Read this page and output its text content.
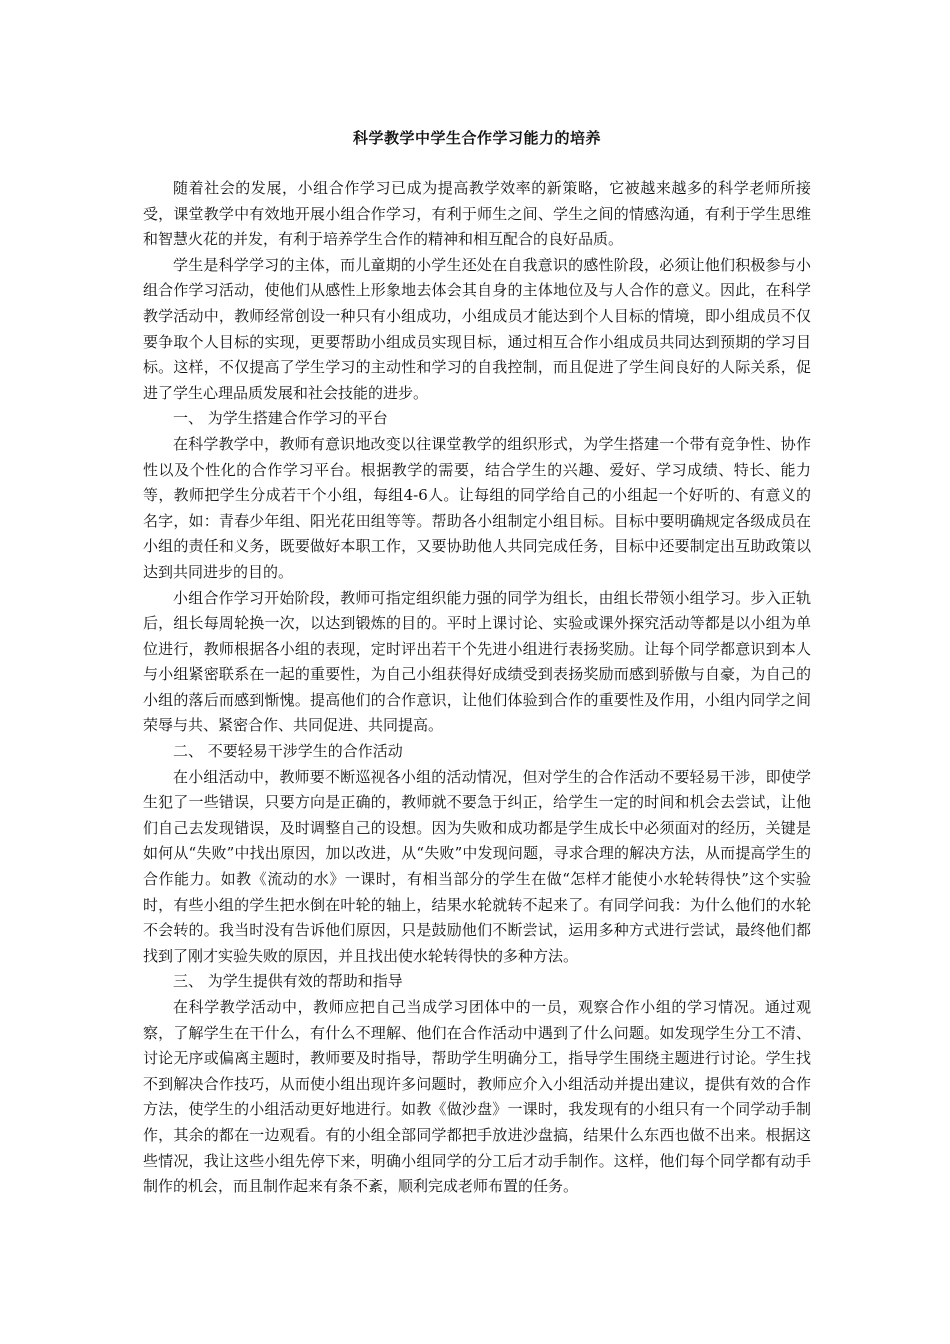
科学教学中学生合作学习能力的培养

随着社会的发展，小组合作学习已成为提高教学效率的新策略，它被越来越多的科学老师所接受，课堂教学中有效地开展小组合作学习，有利于师生之间、学生之间的情感沟通，有利于学生思维和智慧火花的并发，有利于培养学生合作的精神和相互配合的良好品质。

学生是科学学习的主体，而儿童期的小学生还处在自我意识的感性阶段，必须让他们积极参与小组合作学习活动，使他们从感性上形象地去体会其自身的主体地位及与人合作的意义。因此，在科学教学活动中，教师经常创设一种只有小组成功，小组成员才能达到个人目标的情境，即小组成员不仅要争取个人目标的实现，更要帮助小组成员实现目标，通过相互合作小组成员共同达到预期的学习目标。这样，不仅提高了学生学习的主动性和学习的自我控制，而且促进了学生间良好的人际关系，促进了学生心理品质发展和社会技能的进步。

一、 为学生搭建合作学习的平台

在科学教学中，教师有意识地改变以往课堂教学的组织形式，为学生搭建一个带有竞争性、协作性以及个性化的合作学习平台。根据教学的需要，结合学生的兴趣、爱好、学习成绩、特长、能力等，教师把学生分成若干个小组，每组4-6人。让每组的同学给自己的小组起一个好听的、有意义的名字，如：青春少年组、阳光花田组等等。帮助各小组制定小组目标。目标中要明确规定各级成员在小组的责任和义务，既要做好本职工作，又要协助他人共同完成任务，目标中还要制定出互助政策以达到共同进步的目的。

小组合作学习开始阶段，教师可指定组织能力强的同学为组长，由组长带领小组学习。步入正轨后，组长每周轮换一次，以达到锻炼的目的。平时上课讨论、实验或课外探究活动等都是以小组为单位进行，教师根据各小组的表现，定时评出若干个先进小组进行表扬奖励。让每个同学都意识到本人与小组紧密联系在一起的重要性，为自己小组获得好成绩受到表扬奖励而感到骄傲与自豪，为自己的小组的落后而感到惭愧。提高他们的合作意识，让他们体验到合作的重要性及作用，小组内同学之间荣辱与共、紧密合作、共同促进、共同提高。

二、 不要轻易干涉学生的合作活动

在小组活动中，教师要不断巡视各小组的活动情况，但对学生的合作活动不要轻易干涉，即使学生犯了一些错误，只要方向是正确的，教师就不要急于纠正，给学生一定的时间和机会去尝试，让他们自己去发现错误，及时调整自己的设想。因为失败和成功都是学生成长中必须面对的经历，关键是如何从“失败”中找出原因，加以改进，从“失败”中发现问题，寻求合理的解决方法，从而提高学生的合作能力。如教《流动的水》一课时，有相当部分的学生在做“怎样才能使小水轮转得快”这个实验时，有些小组的学生把水倒在叶轮的轴上，结果水轮就转不起来了。有同学问我：为什么他们的水轮不会转的。我当时没有告诉他们原因，只是鼓励他们不断尝试，运用多种方式进行尝试，最终他们都找到了刚才实验失败的原因，并且找出使水轮转得快的多种方法。

三、 为学生提供有效的帮助和指导

在科学教学活动中，教师应把自己当成学习团体中的一员，观察合作小组的学习情况。通过观察，了解学生在干什么，有什么不理解、他们在合作活动中遇到了什么问题。如发现学生分工不清、讨论无序或偏离主题时，教师要及时指导，帮助学生明确分工，指导学生围绕主题进行讨论。学生找不到解决合作技巧，从而使小组出现许多问题时，教师应介入小组活动并提出建议，提供有效的合作方法，使学生的小组活动更好地进行。如教《做沙盘》一课时，我发现有的小组只有一个同学动手制作，其余的都在一边观看。有的小组全部同学都把手放进沙盘搞，结果什么东西也做不出来。根据这些情况，我让这些小组先停下来，明确小组同学的分工后才动手制作。这样，他们每个同学都有动手制作的机会，而且制作起来有条不紊，顺利完成老师布置的任务。
